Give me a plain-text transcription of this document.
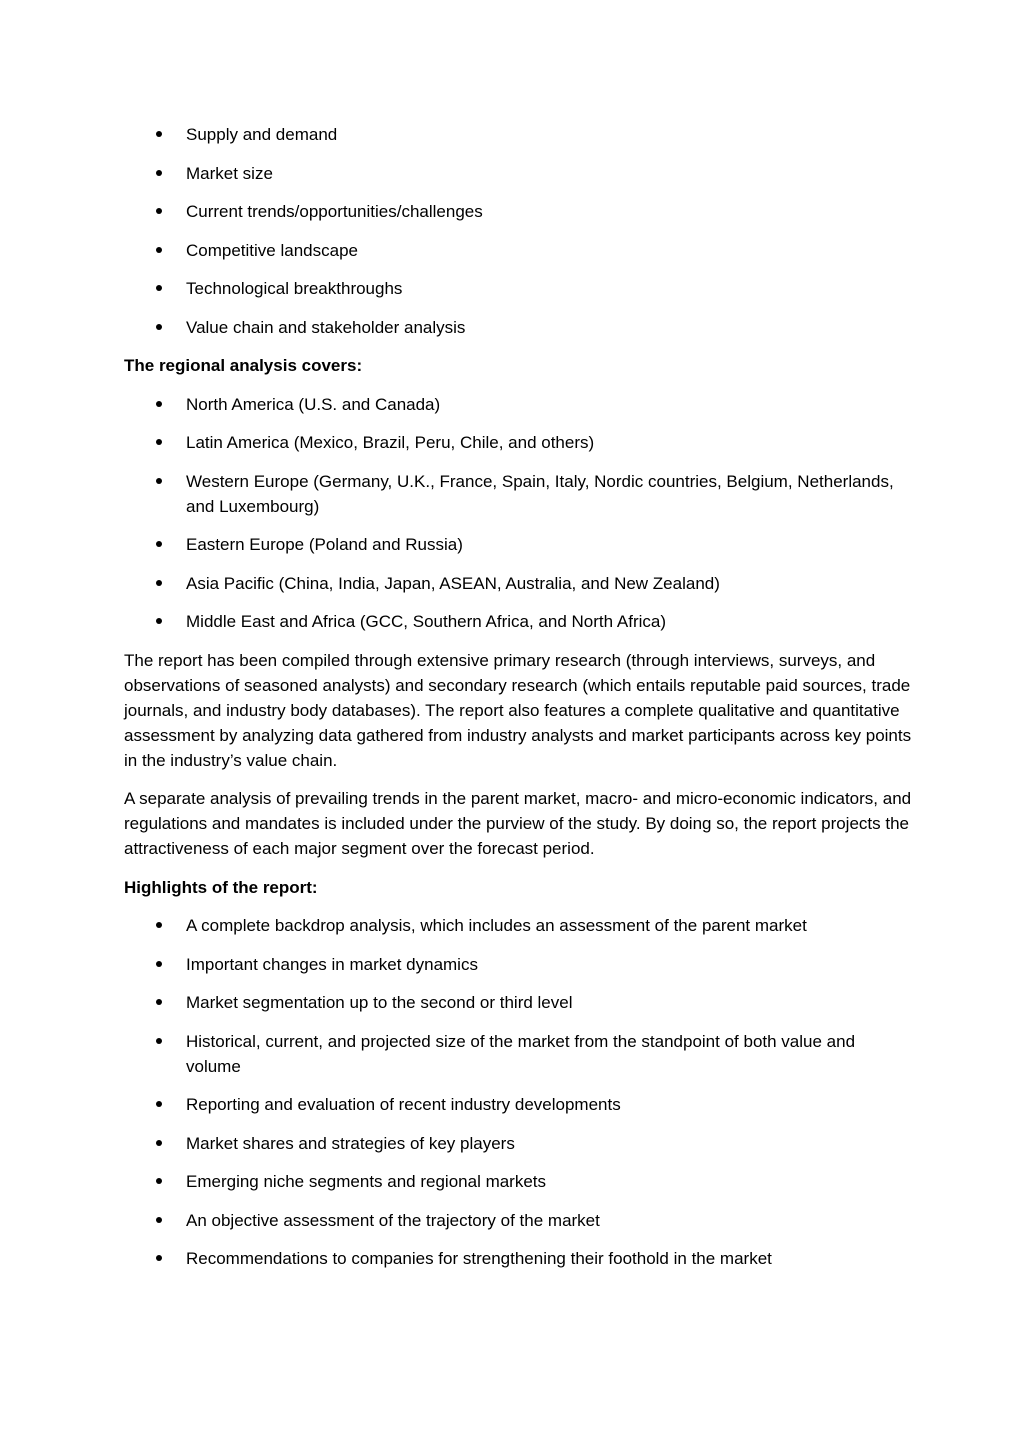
Supply and demand
Market size
Current trends/opportunities/challenges
Competitive landscape
Technological breakthroughs
Value chain and stakeholder analysis

The regional analysis covers:

North America (U.S. and Canada)
Latin America (Mexico, Brazil, Peru, Chile, and others)
Western Europe (Germany, U.K., France, Spain, Italy, Nordic countries, Belgium, Netherlands, and Luxembourg)
Eastern Europe (Poland and Russia)
Asia Pacific (China, India, Japan, ASEAN, Australia, and New Zealand)
Middle East and Africa (GCC, Southern Africa, and North Africa)

The report has been compiled through extensive primary research (through interviews, surveys, and observations of seasoned analysts) and secondary research (which entails reputable paid sources, trade journals, and industry body databases). The report also features a complete qualitative and quantitative assessment by analyzing data gathered from industry analysts and market participants across key points in the industry’s value chain.

A separate analysis of prevailing trends in the parent market, macro- and micro-economic indicators, and regulations and mandates is included under the purview of the study. By doing so, the report projects the attractiveness of each major segment over the forecast period.

Highlights of the report:

A complete backdrop analysis, which includes an assessment of the parent market
Important changes in market dynamics
Market segmentation up to the second or third level
Historical, current, and projected size of the market from the standpoint of both value and volume
Reporting and evaluation of recent industry developments
Market shares and strategies of key players
Emerging niche segments and regional markets
An objective assessment of the trajectory of the market
Recommendations to companies for strengthening their foothold in the market
